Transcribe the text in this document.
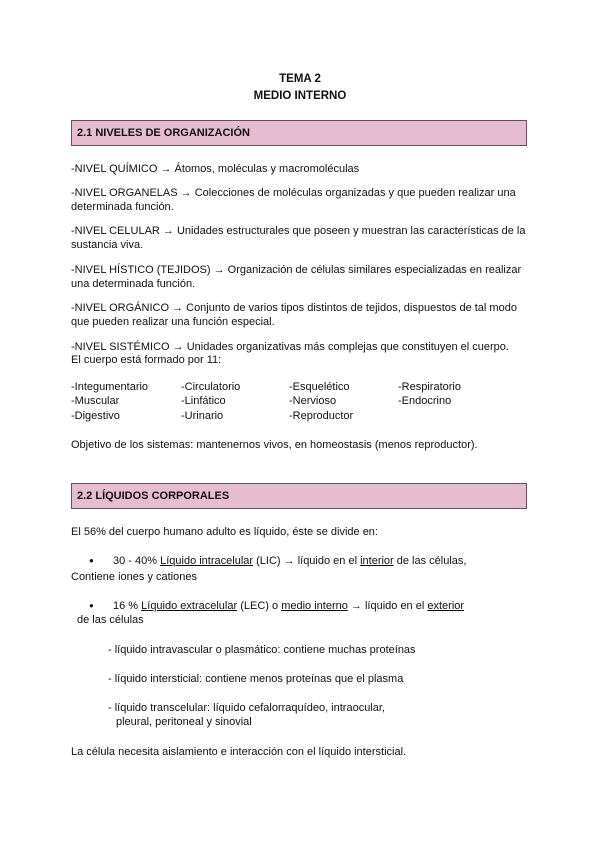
TEMA 2
MEDIO INTERNO
2.1 NIVELES DE ORGANIZACIÓN
-NIVEL QUÍMICO → Átomos, moléculas y macromoléculas
-NIVEL ORGANELAS → Colecciones de moléculas organizadas y que pueden realizar una determinada función.
-NIVEL CELULAR → Unidades estructurales que poseen y muestran las características de la sustancia viva.
-NIVEL HÍSTICO (TEJIDOS) → Organización de células similares especializadas en realizar una determinada función.
-NIVEL ORGÁNICO → Conjunto de varios tipos distintos de tejidos, dispuestos de tal modo que pueden realizar una función especial.
-NIVEL SISTÉMICO → Unidades organizativas más complejas que constituyen el cuerpo.
El cuerpo está formado por 11:
-Integumentario	-Circulatorio	-Esquelético	-Respiratorio
-Muscular	-Linfático	-Nervioso	-Endocrino
-Digestivo	-Urinario	-Reproductor
Objetivo de los sistemas: mantenernos vivos, en homeostasis (menos reproductor).
2.2 LÍQUIDOS CORPORALES
El 56% del cuerpo humano adulto es líquido, éste se divide en:
● 30 - 40% Líquido intracelular (LIC) → líquido en el interior de las células,
Contiene iones y cationes
● 16 % Líquido extracelular (LEC) o medio interno → líquido en el exterior
de las células
- líquido intravascular o plasmático: contiene muchas proteínas
- líquido intersticial: contiene menos proteínas que el plasma
- líquido transcelular: líquido cefalorraquídeo, intraocular,
pleural, peritoneal y sinovial
La célula necesita aislamiento e interacción con el líquido intersticial.
